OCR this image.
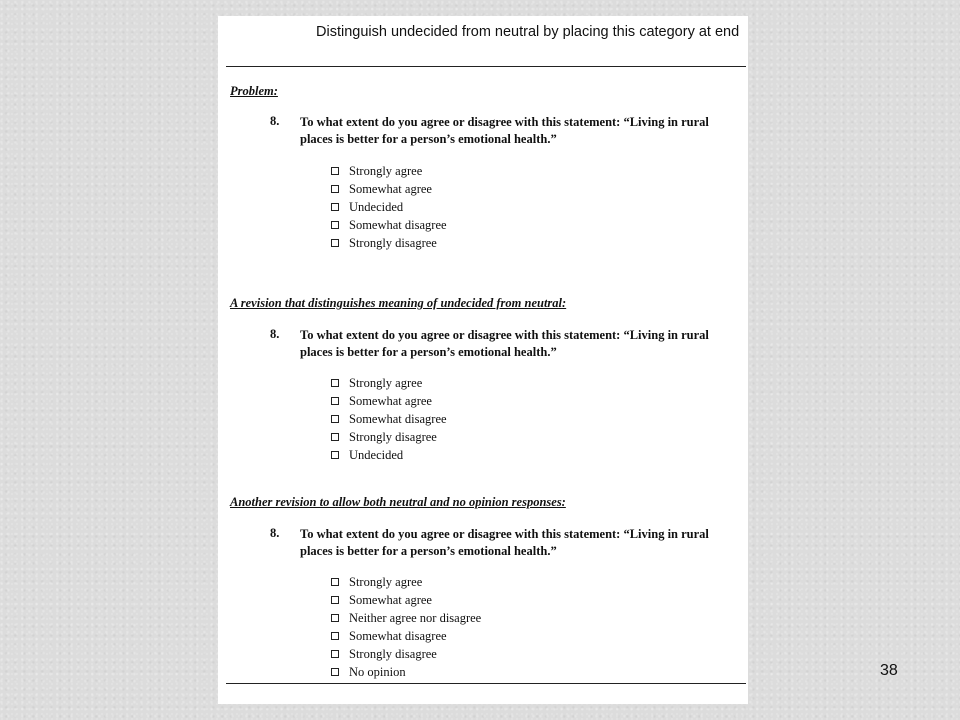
Distinguish undecided from neutral by placing this category at end
Problem:
8. To what extent do you agree or disagree with this statement: “Living in rural places is better for a person’s emotional health.”
Strongly agree
Somewhat agree
Undecided
Somewhat disagree
Strongly disagree
A revision that distinguishes meaning of undecided from neutral:
8. To what extent do you agree or disagree with this statement: “Living in rural places is better for a person’s emotional health.”
Strongly agree
Somewhat agree
Somewhat disagree
Strongly disagree
Undecided
Another revision to allow both neutral and no opinion responses:
8. To what extent do you agree or disagree with this statement: “Living in rural places is better for a person’s emotional health.”
Strongly agree
Somewhat agree
Neither agree nor disagree
Somewhat disagree
Strongly disagree
No opinion	38
